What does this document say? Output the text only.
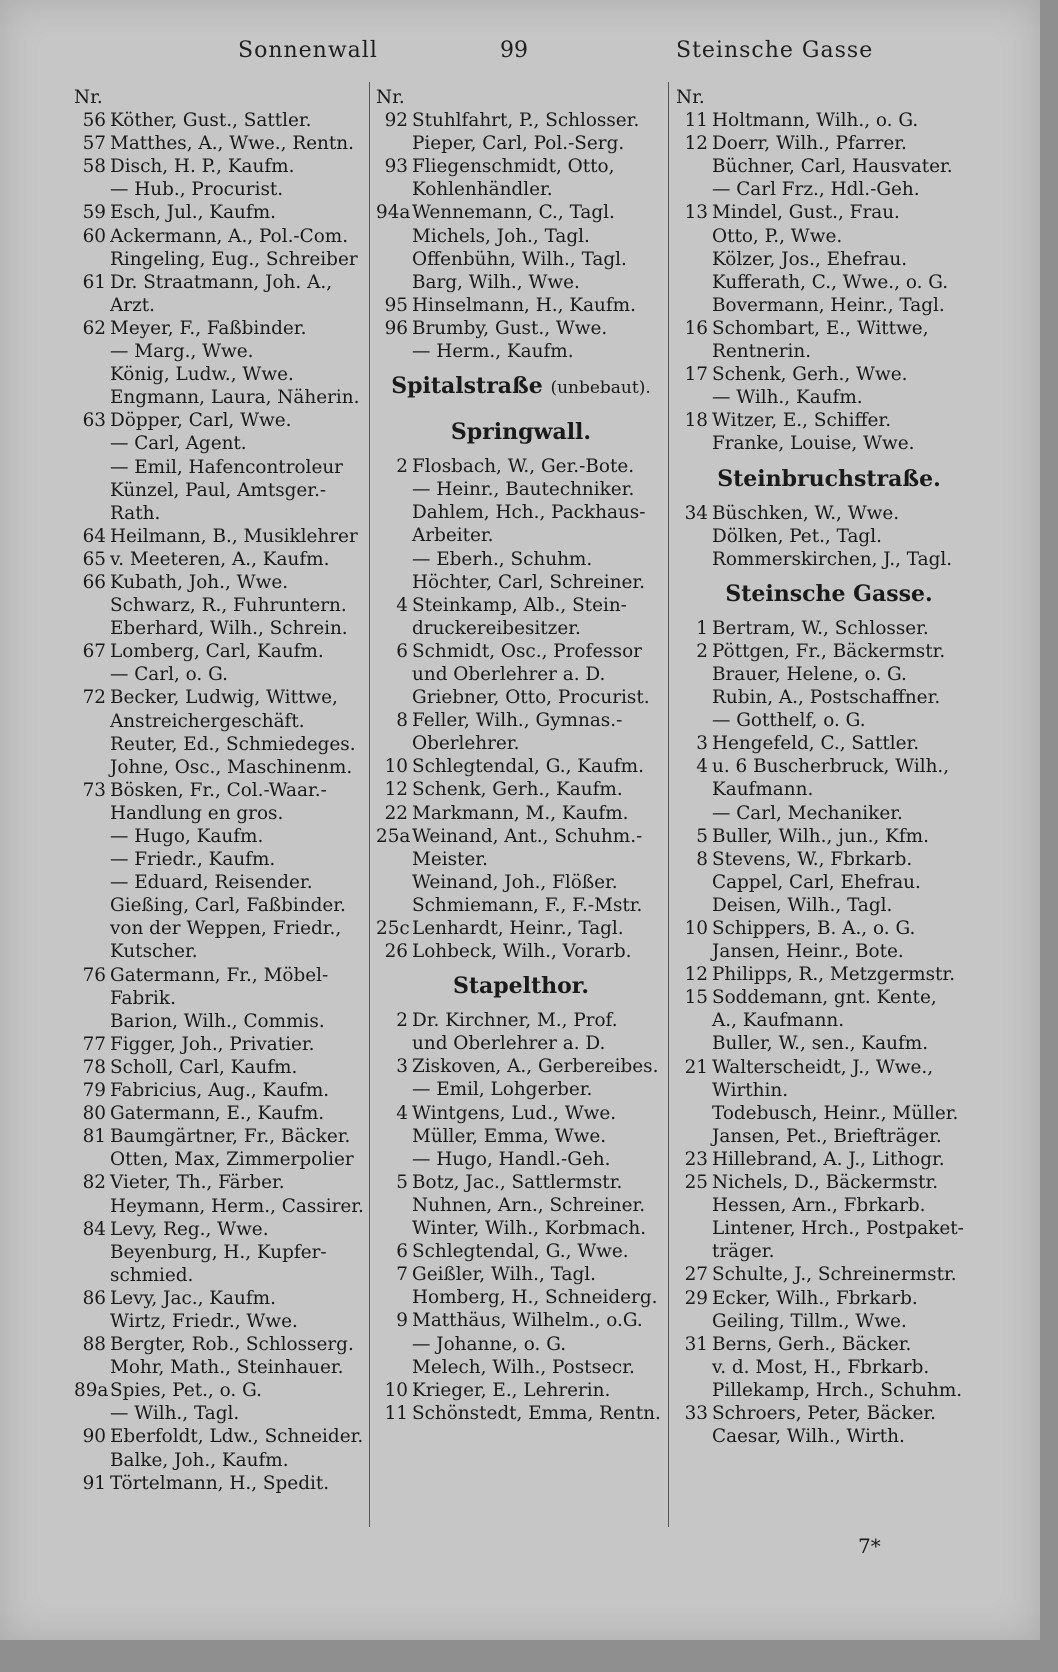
Sonnenwall	99	Steinsche Gasse
Nr.
56 Köther, Gust., Sattler.
57 Matthes, A., Wwe., Rentn.
58 Disch, H. P., Kaufm.
— Hub., Procurist.
59 Esch, Jul., Kaufm.
60 Ackermann, A., Pol.-Com.
Ringeling, Eug., Schreiber
61 Dr. Straatmann, Joh. A.,
Arzt.
62 Meyer, F., Faßbinder.
— Marg., Wwe.
König, Ludw., Wwe.
Engmann, Laura, Näherin.
63 Döpper, Carl, Wwe.
— Carl, Agent.
— Emil, Hafencontroleur
Künzel, Paul, Amtsger.-
Rath.
64 Heilmann, B., Musiklehrer
65 v. Meeteren, A., Kaufm.
66 Kubath, Joh., Wwe.
Schwarz, R., Fuhruntern.
Eberhard, Wilh., Schrein.
67 Lomberg, Carl, Kaufm.
— Carl, o. G.
72 Becker, Ludwig, Wittwe,
Anstreichergeschäft.
Reuter, Ed., Schmiedeges.
Johne, Osc., Maschinenm.
73 Bösken, Fr., Col.-Waar.-
Handlung en gros.
— Hugo, Kaufm.
— Friedr., Kaufm.
— Eduard, Reisender.
Gießing, Carl, Faßbinder.
von der Weppen, Friedr.,
Kutscher.
76 Gatermann, Fr., Möbel-
Fabrik.
Barion, Wilh., Commis.
77 Figger, Joh., Privatier.
78 Scholl, Carl, Kaufm.
79 Fabricius, Aug., Kaufm.
80 Gatermann, E., Kaufm.
81 Baumgärtner, Fr., Bäcker.
Otten, Max, Zimmerpolier
82 Vieter, Th., Färber.
Heymann, Herm., Cassirer.
84 Levy, Reg., Wwe.
Beyenburg, H., Kupfer-
schmied.
86 Levy, Jac., Kaufm.
Wirtz, Friedr., Wwe.
88 Bergter, Rob., Schlosserg.
Mohr, Math., Steinhauer.
89a Spies, Pet., o. G.
— Wilh., Tagl.
90 Eberfoldt, Ldw., Schneider.
Balke, Joh., Kaufm.
91 Törtelmann, H., Spedit.
Nr.
92 Stuhlfahrt, P., Schlosser.
Pieper, Carl, Pol.-Serg.
93 Fliegenschmidt, Otto,
Kohlenhändler.
94a Wennemann, C., Tagl.
Michels, Joh., Tagl.
Offenbühn, Wilh., Tagl.
Barg, Wilh., Wwe.
95 Hinselmann, H., Kaufm.
96 Brumby, Gust., Wwe.
— Herm., Kaufm.
Spitalstraße (unbebaut).
Springwall.
2 Flosbach, W., Ger.-Bote.
— Heinr., Bautechniker.
Dahlem, Hch., Packhaus-
Arbeiter.
— Eberh., Schuhm.
Höchter, Carl, Schreiner.
4 Steinkamp, Alb., Stein-
druckereibesitzer.
6 Schmidt, Osc., Professor
und Oberlehrer a. D.
Griebner, Otto, Procurist.
8 Feller, Wilh., Gymnas.-
Oberlehrer.
10 Schlegtendal, G., Kaufm.
12 Schenk, Gerh., Kaufm.
22 Markmann, M., Kaufm.
25a Weinand, Ant., Schuhm.-
Meister.
Weinand, Joh., Flößer.
Schmiemann, F., F.-Mstr.
25c Lenhardt, Heinr., Tagl.
26 Lohbeck, Wilh., Vorarb.
Stapelthor.
2 Dr. Kirchner, M., Prof.
und Oberlehrer a. D.
3 Ziskoven, A., Gerbereibes.
— Emil, Lohgerber.
4 Wintgens, Lud., Wwe.
Müller, Emma, Wwe.
— Hugo, Handl.-Geh.
5 Botz, Jac., Sattlermstr.
Nuhnen, Arn., Schreiner.
Winter, Wilh., Korbmach.
6 Schlegtendal, G., Wwe.
7 Geißler, Wilh., Tagl.
Homberg, H., Schneiderg.
9 Matthäus, Wilhelm., o.G.
— Johanne, o. G.
Melech, Wilh., Postsecr.
10 Krieger, E., Lehrerin.
11 Schönstedt, Emma, Rentn.
Nr.
11 Holtmann, Wilh., o. G.
12 Doerr, Wilh., Pfarrer.
Büchner, Carl, Hausvater.
— Carl Frz., Hdl.-Geh.
13 Mindel, Gust., Frau.
Otto, P., Wwe.
Kölzer, Jos., Ehefrau.
Kufferath, C., Wwe., o. G.
Bovermann, Heinr., Tagl.
16 Schombart, E., Wittwe,
Rentnerin.
17 Schenk, Gerh., Wwe.
— Wilh., Kaufm.
18 Witzer, E., Schiffer.
Franke, Louise, Wwe.
Steinbruchstraße.
34 Büschken, W., Wwe.
Dölken, Pet., Tagl.
Rommerskirchen, J., Tagl.
Steinsche Gasse.
1 Bertram, W., Schlosser.
2 Pöttgen, Fr., Bäckermstr.
Brauer, Helene, o. G.
Rubin, A., Postschaffner.
— Gotthelf, o. G.
3 Hengefeld, C., Sattler.
4 u. 6 Buscherbruck, Wilh.,
Kaufmann.
— Carl, Mechaniker.
5 Buller, Wilh., jun., Kfm.
8 Stevens, W., Fbrkarb.
Cappel, Carl, Ehefrau.
Deisen, Wilh., Tagl.
10 Schippers, B. A., o. G.
Jansen, Heinr., Bote.
12 Philipps, R., Metzgermstr.
15 Soddemann, gnt. Kente,
A., Kaufmann.
Buller, W., sen., Kaufm.
21 Walterscheidt, J., Wwe.,
Wirthin.
Todebusch, Heinr., Müller.
Jansen, Pet., Briefträger.
23 Hillebrand, A. J., Lithogr.
25 Nichels, D., Bäckermstr.
Hessen, Arn., Fbrkarb.
Lintener, Hrch., Postpaket-
träger.
27 Schulte, J., Schreinermstr.
29 Ecker, Wilh., Fbrkarb.
Geiling, Tillm., Wwe.
31 Berns, Gerh., Bäcker.
v. d. Most, H., Fbrkarb.
Pillekamp, Hrch., Schuhm.
33 Schroers, Peter, Bäcker.
Caesar, Wilh., Wirth.
7*
